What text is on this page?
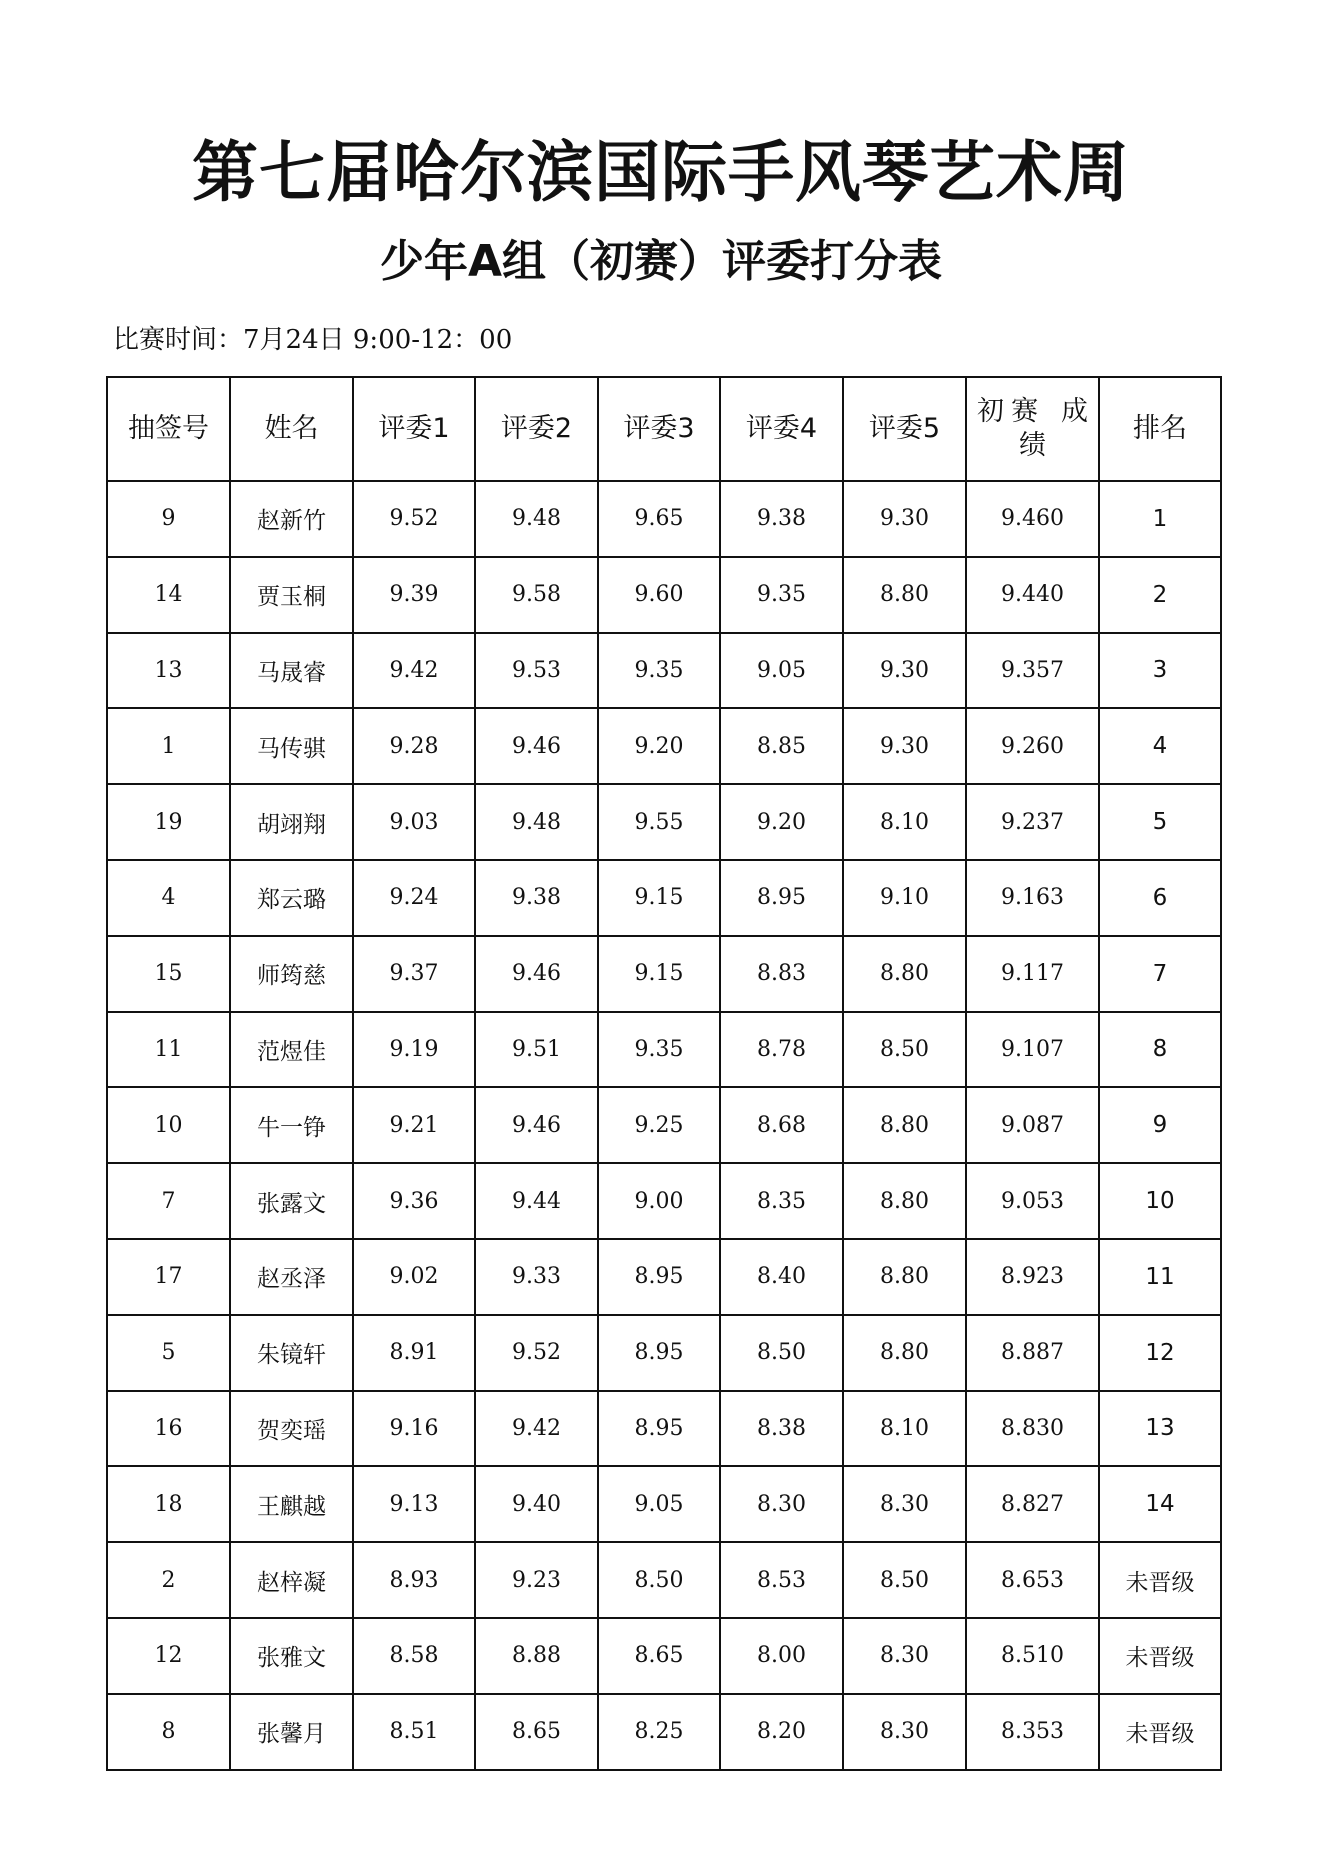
第七届哈尔滨国际手风琴艺术周
少年A组（初赛）评委打分表
比赛时间：7月24日 9:00-12：00
抽签号	姓名	评委1	评委2	评委3	评委4	评委5	初赛 成绩	排名
9	赵新竹	9.52	9.48	9.65	9.38	9.30	9.460	1
14	贾玉桐	9.39	9.58	9.60	9.35	8.80	9.440	2
13	马晟睿	9.42	9.53	9.35	9.05	9.30	9.357	3
1	马传骐	9.28	9.46	9.20	8.85	9.30	9.260	4
19	胡翊翔	9.03	9.48	9.55	9.20	8.10	9.237	5
4	郑云璐	9.24	9.38	9.15	8.95	9.10	9.163	6
15	师筠慈	9.37	9.46	9.15	8.83	8.80	9.117	7
11	范煜佳	9.19	9.51	9.35	8.78	8.50	9.107	8
10	牛一铮	9.21	9.46	9.25	8.68	8.80	9.087	9
7	张露文	9.36	9.44	9.00	8.35	8.80	9.053	10
17	赵丞泽	9.02	9.33	8.95	8.40	8.80	8.923	11
5	朱镜轩	8.91	9.52	8.95	8.50	8.80	8.887	12
16	贺奕瑶	9.16	9.42	8.95	8.38	8.10	8.830	13
18	王麒越	9.13	9.40	9.05	8.30	8.30	8.827	14
2	赵梓凝	8.93	9.23	8.50	8.53	8.50	8.653	未晋级
12	张雅文	8.58	8.88	8.65	8.00	8.30	8.510	未晋级
8	张馨月	8.51	8.65	8.25	8.20	8.30	8.353	未晋级
